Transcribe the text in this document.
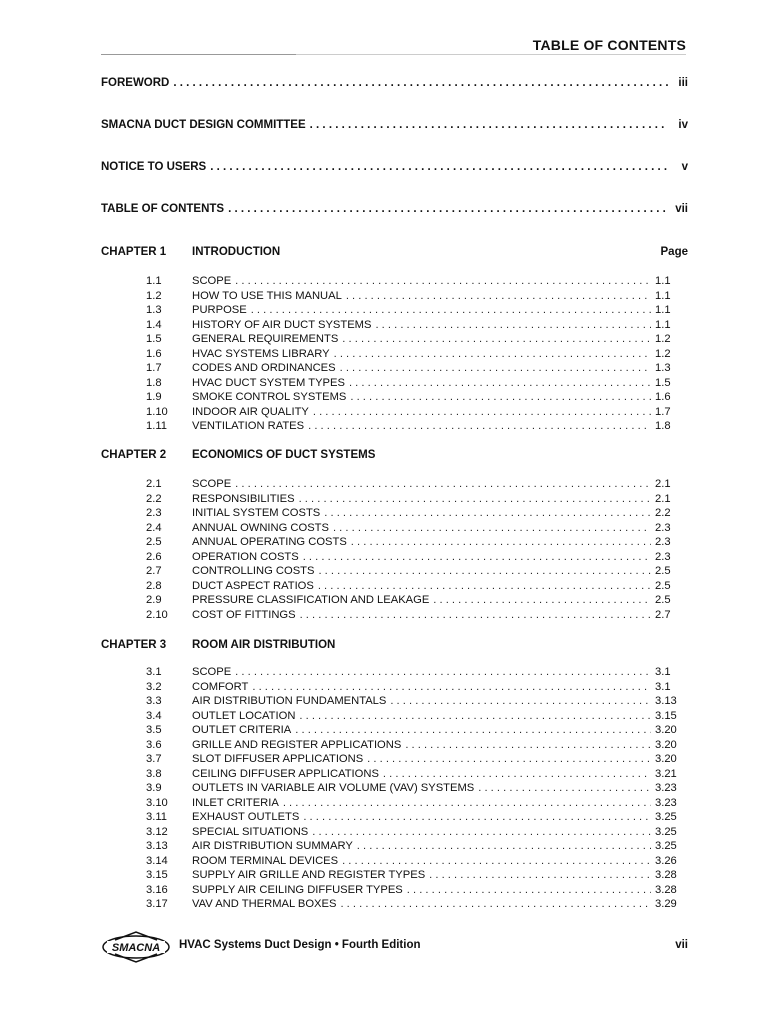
TABLE OF CONTENTS
FOREWORD . . .	iii
SMACNA DUCT DESIGN COMMITTEE . . .	iv
NOTICE TO USERS . . .	v
TABLE OF CONTENTS . . .	vii
CHAPTER 1 INTRODUCTION	Page
1.1	SCOPE . . .	1.1
1.2	HOW TO USE THIS MANUAL . . .	1.1
1.3	PURPOSE . . .	1.1
1.4	HISTORY OF AIR DUCT SYSTEMS . . .	1.1
1.5	GENERAL REQUIREMENTS . . .	1.2
1.6	HVAC SYSTEMS LIBRARY . . .	1.2
1.7	CODES AND ORDINANCES . . .	1.3
1.8	HVAC DUCT SYSTEM TYPES . . .	1.5
1.9	SMOKE CONTROL SYSTEMS . . .	1.6
1.10 INDOOR AIR QUALITY . . .	1.7
1.11 VENTILATION RATES . . .	1.8
CHAPTER 2 ECONOMICS OF DUCT SYSTEMS
2.1	SCOPE . . .	2.1
2.2	RESPONSIBILITIES . . .	2.1
2.3	INITIAL SYSTEM COSTS . . .	2.2
2.4	ANNUAL OWNING COSTS . . .	2.3
2.5	ANNUAL OPERATING COSTS . . .	2.3
2.6	OPERATION COSTS . . .	2.3
2.7	CONTROLLING COSTS . . .	2.5
2.8	DUCT ASPECT RATIOS . . .	2.5
2.9	PRESSURE CLASSIFICATION AND LEAKAGE . . .	2.5
2.10 COST OF FITTINGS . . .	2.7
CHAPTER 3 ROOM AIR DISTRIBUTION
3.1	SCOPE . . .	3.1
3.2	COMFORT . . .	3.1
3.3	AIR DISTRIBUTION FUNDAMENTALS . . .	3.13
3.4	OUTLET LOCATION . . .	3.15
3.5	OUTLET CRITERIA . . .	3.20
3.6	GRILLE AND REGISTER APPLICATIONS . . .	3.20
3.7	SLOT DIFFUSER APPLICATIONS . . .	3.20
3.8	CEILING DIFFUSER APPLICATIONS . . .	3.21
3.9	OUTLETS IN VARIABLE AIR VOLUME (VAV) SYSTEMS . . .	3.23
3.10 INLET CRITERIA . . .	3.23
3.11 EXHAUST OUTLETS . . .	3.25
3.12 SPECIAL SITUATIONS . . .	3.25
3.13 AIR DISTRIBUTION SUMMARY . . .	3.25
3.14 ROOM TERMINAL DEVICES . . .	3.26
3.15 SUPPLY AIR GRILLE AND REGISTER TYPES . . .	3.28
3.16 SUPPLY AIR CEILING DIFFUSER TYPES . . .	3.28
3.17 VAV AND THERMAL BOXES . . .	3.29
SMACNA HVAC Systems Duct Design • Fourth Edition	vii
